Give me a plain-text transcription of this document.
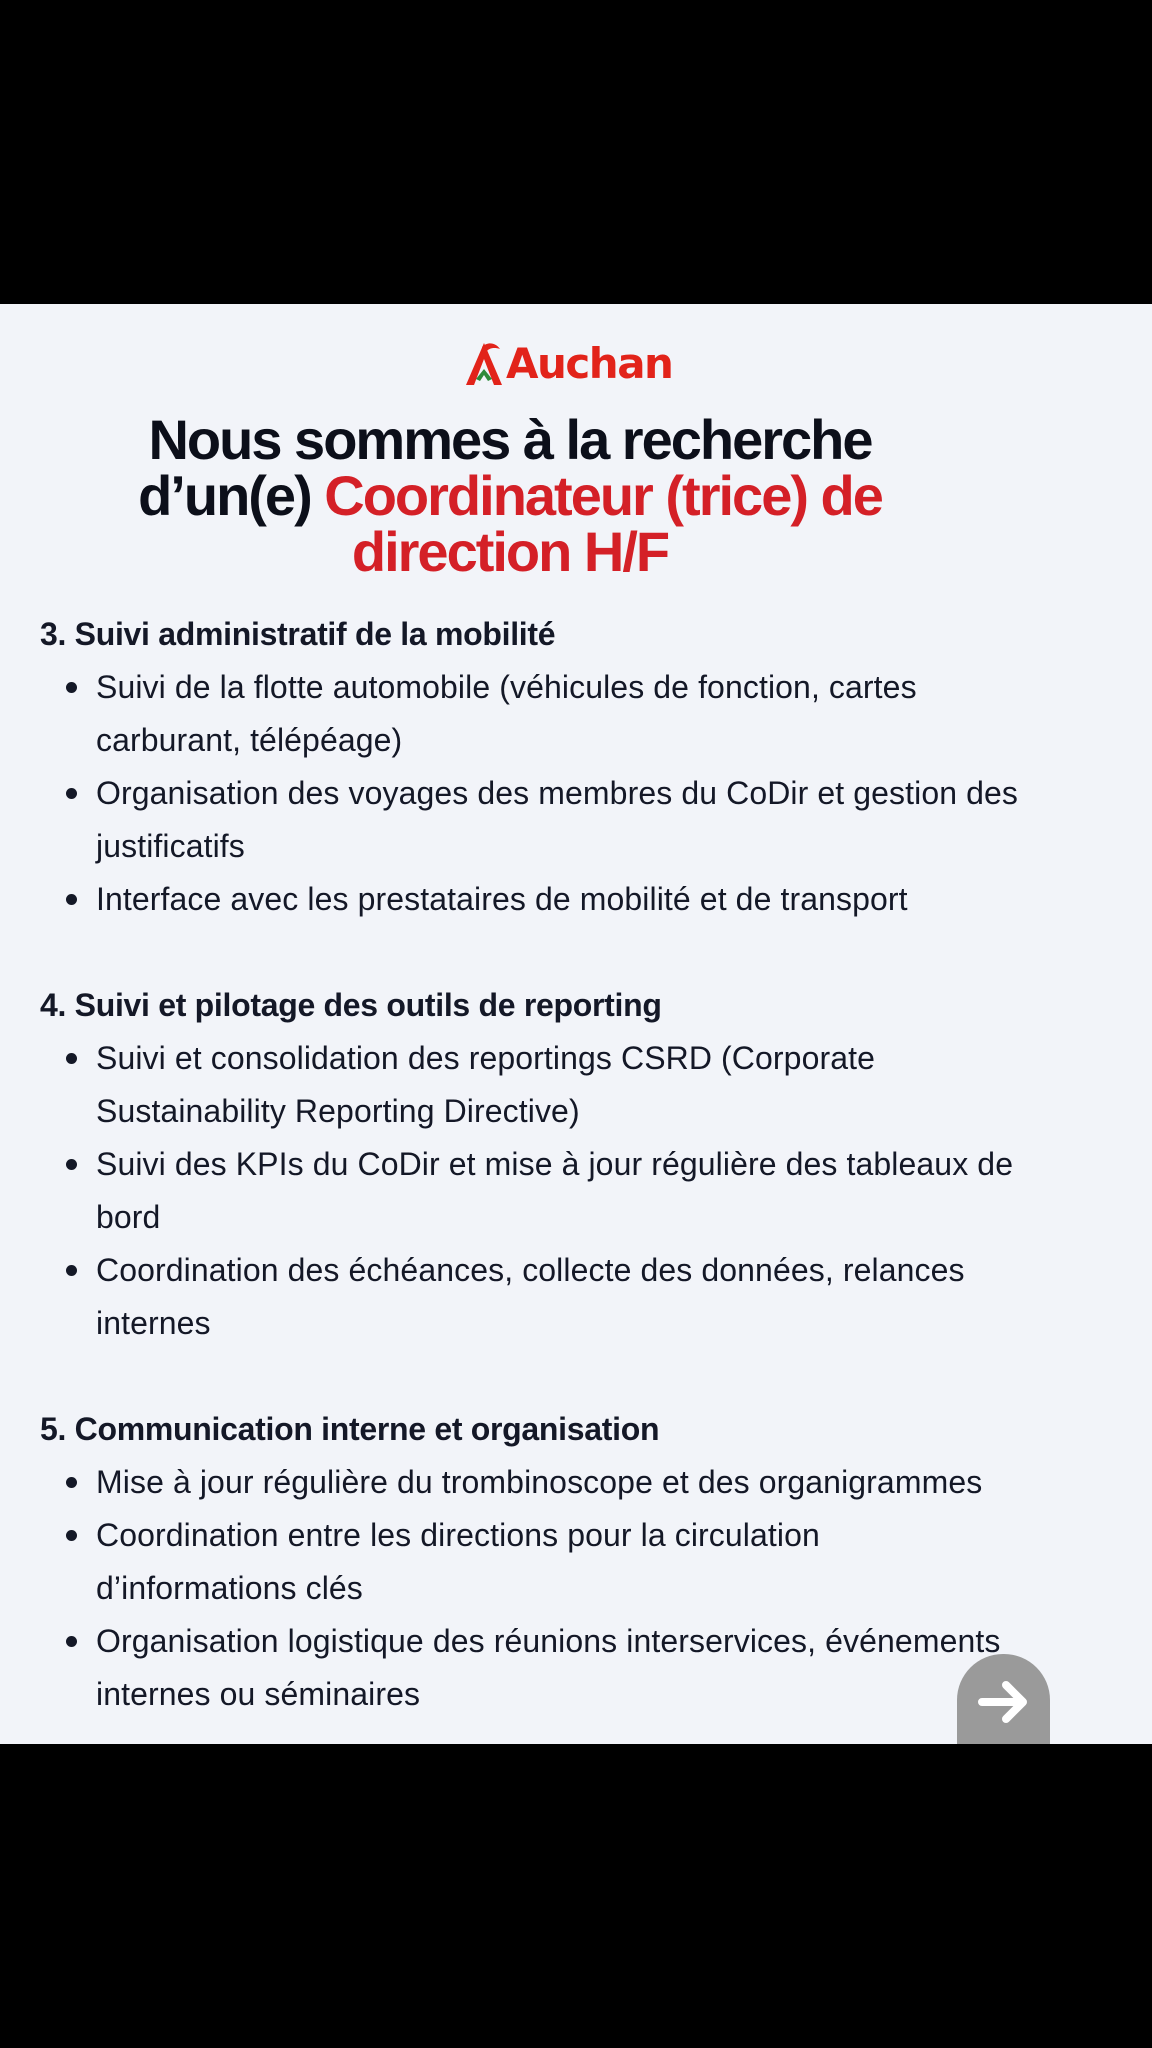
Auchan
Nous sommes à la recherche
d’un(e) Coordinateur (trice) de
direction H/F
3. Suivi administratif de la mobilité
Suivi de la flotte automobile (véhicules de fonction, cartes
carburant, télépéage)
Organisation des voyages des membres du CoDir et gestion des
justificatifs
Interface avec les prestataires de mobilité et de transport
4. Suivi et pilotage des outils de reporting
Suivi et consolidation des reportings CSRD (Corporate
Sustainability Reporting Directive)
Suivi des KPIs du CoDir et mise à jour régulière des tableaux de
bord
Coordination des échéances, collecte des données, relances
internes
5. Communication interne et organisation
Mise à jour régulière du trombinoscope et des organigrammes
Coordination entre les directions pour la circulation
d’informations clés
Organisation logistique des réunions interservices, événements
internes ou séminaires
